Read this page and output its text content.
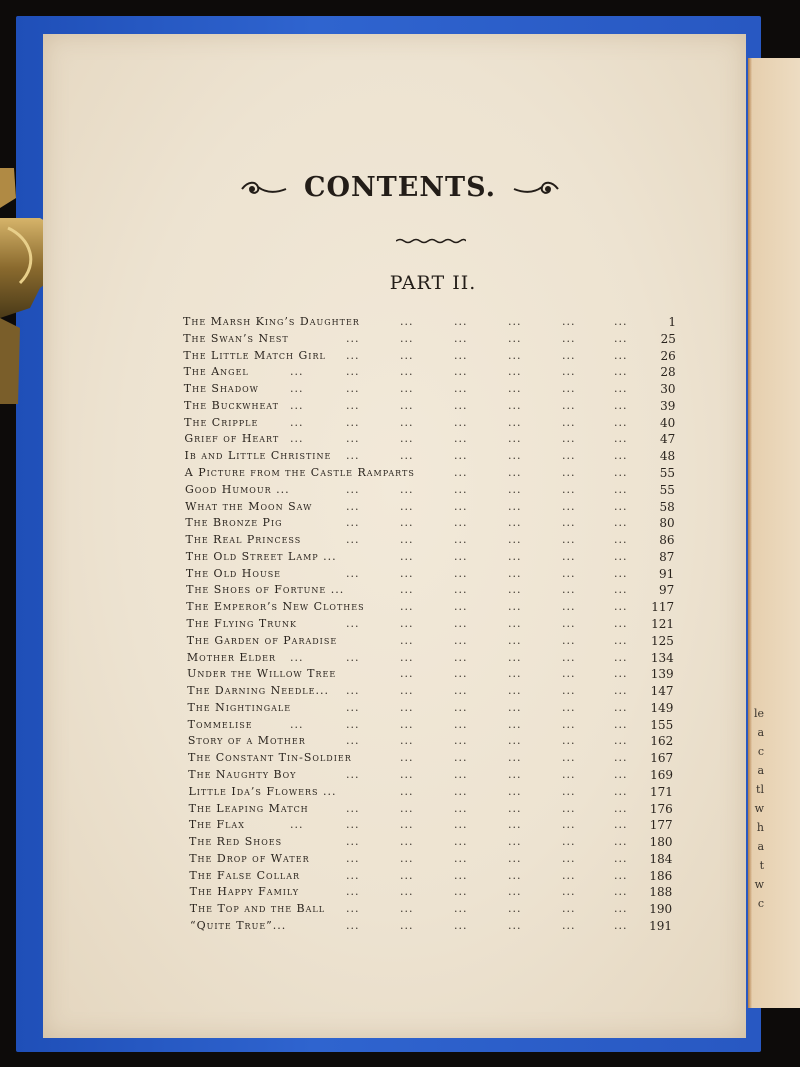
le
a
c
a
tl
w
h
a
t
w
c
CONTENTS.
PART II.
The Marsh King’s Daughter	1
...	...	...	...	...
The Swan’s Nest	25
...	...	...	...	...
...
The Little Match Girl	26
...	...	...	...	...
...
The Angel	28
...	...	...	...	...
...
...
The Shadow	30
...	...	...	...	...
...
...
The Buckwheat	39
...	...	...	...	...
...
...
The Cripple	40
...	...	...	...	...
...
...
Grief of Heart	47
...	...	...	...	...
...
...
Ib and Little Christine	48
...	...	...	...	...
...
A Picture from the Castle Ramparts	55
...	...	...	...
Good Humour ...	55
...	...	...	...	...
...
What the Moon Saw	58
...	...	...	...	...
...
The Bronze Pig	80
...	...	...	...	...
...
The Real Princess	86
...	...	...	...	...
...
The Old Street Lamp ...	87
...	...	...	...	...
The Old House	91
...	...	...	...	...
...
The Shoes of Fortune ...	97
...	...	...	...	...
The Emperor’s New Clothes	117
...	...	...	...	...
The Flying Trunk	121
...	...	...	...	...
...
The Garden of Paradise	125
...	...	...	...	...
Mother Elder	134
...	...	...	...	...
...
...
Under the Willow Tree	139
...	...	...	...	...
The Darning Needle...	147
...	...	...	...	...
...
The Nightingale	149
...	...	...	...	...
...
Tommelise	155
...	...	...	...	...
...
...
Story of a Mother	162
...	...	...	...	...
...
The Constant Tin-Soldier	167
...	...	...	...	...
The Naughty Boy	169
...	...	...	...	...
...
Little Ida’s Flowers ...	171
...	...	...	...	...
The Leaping Match	176
...	...	...	...	...
...
The Flax	177
...	...	...	...	...
...
...
The Red Shoes	180
...	...	...	...	...
...
The Drop of Water	184
...	...	...	...	...
...
The False Collar	186
...	...	...	...	...
...
The Happy Family	188
...	...	...	...	...
...
The Top and the Ball	190
...	...	...	...	...
...
“Quite True”...	191
...	...	...	...	...
...
